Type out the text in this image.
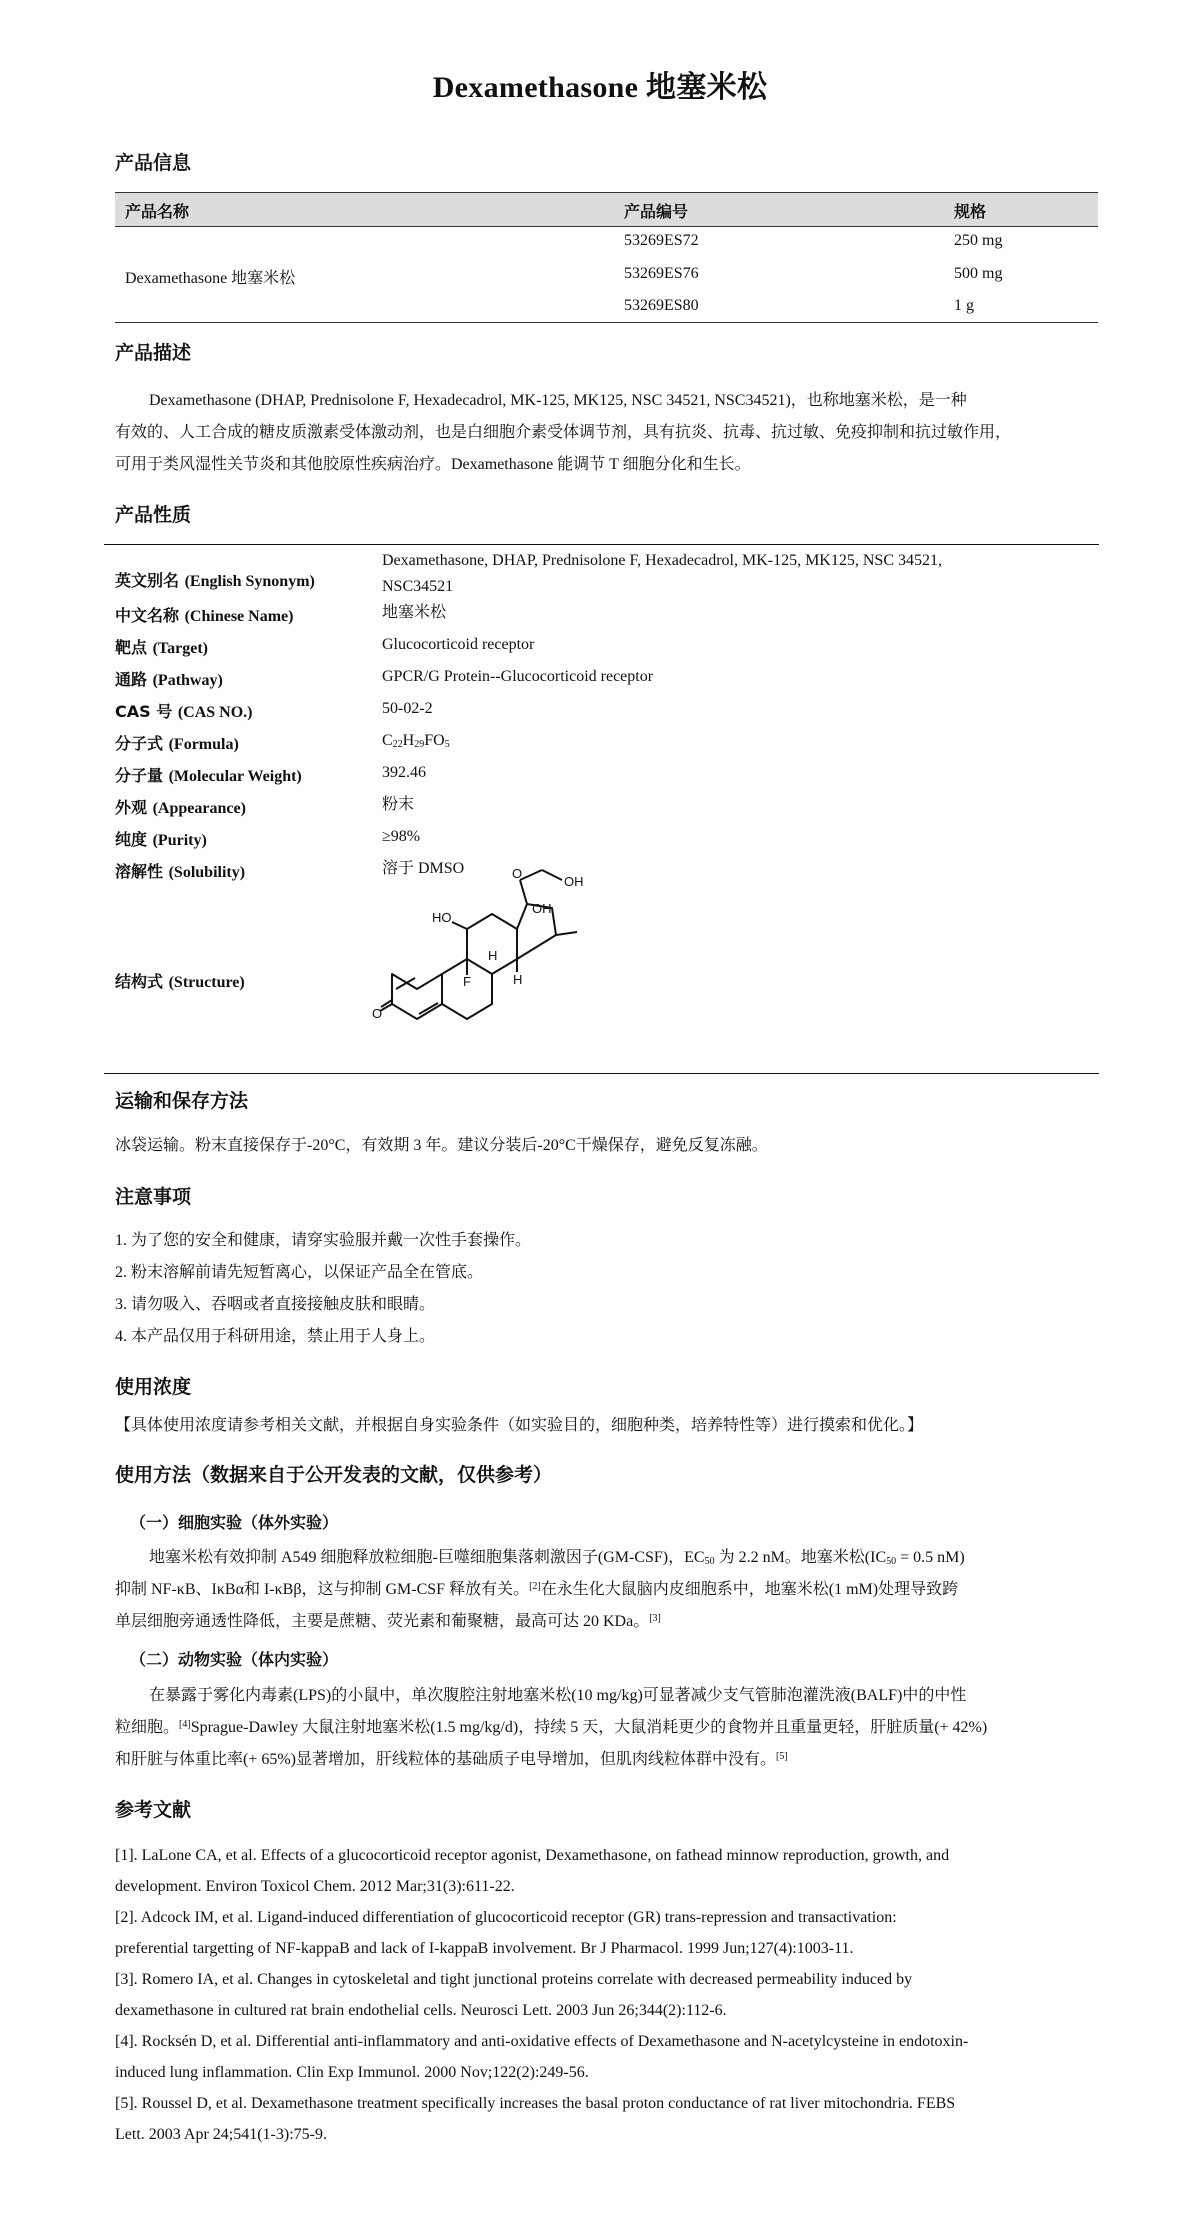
Dexamethasone 地塞米松
产品信息
产品名称	产品编号	规格
Dexamethasone 地塞米松
53269ES72	250 mg
53269ES76	500 mg
53269ES80	1 g
产品描述
Dexamethasone (DHAP, Prednisolone F, Hexadecadrol, MK-125, MK125, NSC 34521, NSC34521)，也称地塞米松，是一种
有效的、人工合成的糖皮质激素受体激动剂，也是白细胞介素受体调节剂，具有抗炎、抗毒、抗过敏、免疫抑制和抗过敏作用，
可用于类风湿性关节炎和其他胶原性疾病治疗。Dexamethasone 能调节 T 细胞分化和生长。
产品性质
英文别名 (English Synonym)
Dexamethasone, DHAP, Prednisolone F, Hexadecadrol, MK-125, MK125, NSC 34521,
NSC34521
中文名称 (Chinese Name)	地塞米松
靶点 (Target)	Glucocorticoid receptor
通路 (Pathway)	GPCR/G Protein--Glucocorticoid receptor
CAS 号 (CAS NO.)	50-02-2
分子式 (Formula)	$C_{22}H_{29}FO_5$
分子量 (Molecular Weight)	392.46
外观 (Appearance)	粉末
纯度 (Purity)	≥98%
溶解性 (Solubility)	溶于 DMSO
结构式 (Structure)
O
HO
F
H
H
OH
OH
O
运输和保存方法
冰袋运输。粉末直接保存于-20°C，有效期 3 年。建议分装后-20°C干燥保存，避免反复冻融。
注意事项
1. 为了您的安全和健康，请穿实验服并戴一次性手套操作。
2. 粉末溶解前请先短暂离心，以保证产品全在管底。
3. 请勿吸入、吞咽或者直接接触皮肤和眼睛。
4. 本产品仅用于科研用途，禁止用于人身上。
使用浓度
【具体使用浓度请参考相关文献，并根据自身实验条件（如实验目的，细胞种类，培养特性等）进行摸索和优化。】
使用方法（数据来自于公开发表的文献，仅供参考）
（一）细胞实验（体外实验）
地塞米松有效抑制 A549 细胞释放粒细胞-巨噬细胞集落刺激因子(GM-CSF)，$EC_{50}$ 为 2.2 nM。地塞米松($IC_{50} = 0.5$ nM)
抑制 NF-κB、IκBα和 I-κBβ，这与抑制 GM-CSF 释放有关。[2]在永生化大鼠脑内皮细胞系中，地塞米松(1 mM)处理导致跨
单层细胞旁通透性降低，主要是蔗糖、荧光素和葡聚糖，最高可达 20 KDa。[3]
（二）动物实验（体内实验）
在暴露于雾化内毒素(LPS)的小鼠中，单次腹腔注射地塞米松(10 mg/kg)可显著减少支气管肺泡灌洗液(BALF)中的中性
粒细胞。[4]Sprague-Dawley 大鼠注射地塞米松(1.5 mg/kg/d)，持续 5 天，大鼠消耗更少的食物并且重量更轻，肝脏质量(+ 42%)
和肝脏与体重比率(+ 65%)显著增加，肝线粒体的基础质子电导增加，但肌肉线粒体群中没有。[5]
参考文献
[1]. LaLone CA, et al. Effects of a glucocorticoid receptor agonist, Dexamethasone, on fathead minnow reproduction, growth, and
development. Environ Toxicol Chem. 2012 Mar;31(3):611-22.
[2]. Adcock IM, et al. Ligand-induced differentiation of glucocorticoid receptor (GR) trans-repression and transactivation:
preferential targetting of NF-kappaB and lack of I-kappaB involvement. Br J Pharmacol. 1999 Jun;127(4):1003-11.
[3]. Romero IA, et al. Changes in cytoskeletal and tight junctional proteins correlate with decreased permeability induced by
dexamethasone in cultured rat brain endothelial cells. Neurosci Lett. 2003 Jun 26;344(2):112-6.
[4]. Rocksén D, et al. Differential anti-inflammatory and anti-oxidative effects of Dexamethasone and N-acetylcysteine in endotoxin-
induced lung inflammation. Clin Exp Immunol. 2000 Nov;122(2):249-56.
[5]. Roussel D, et al. Dexamethasone treatment specifically increases the basal proton conductance of rat liver mitochondria. FEBS
Lett. 2003 Apr 24;541(1-3):75-9.
